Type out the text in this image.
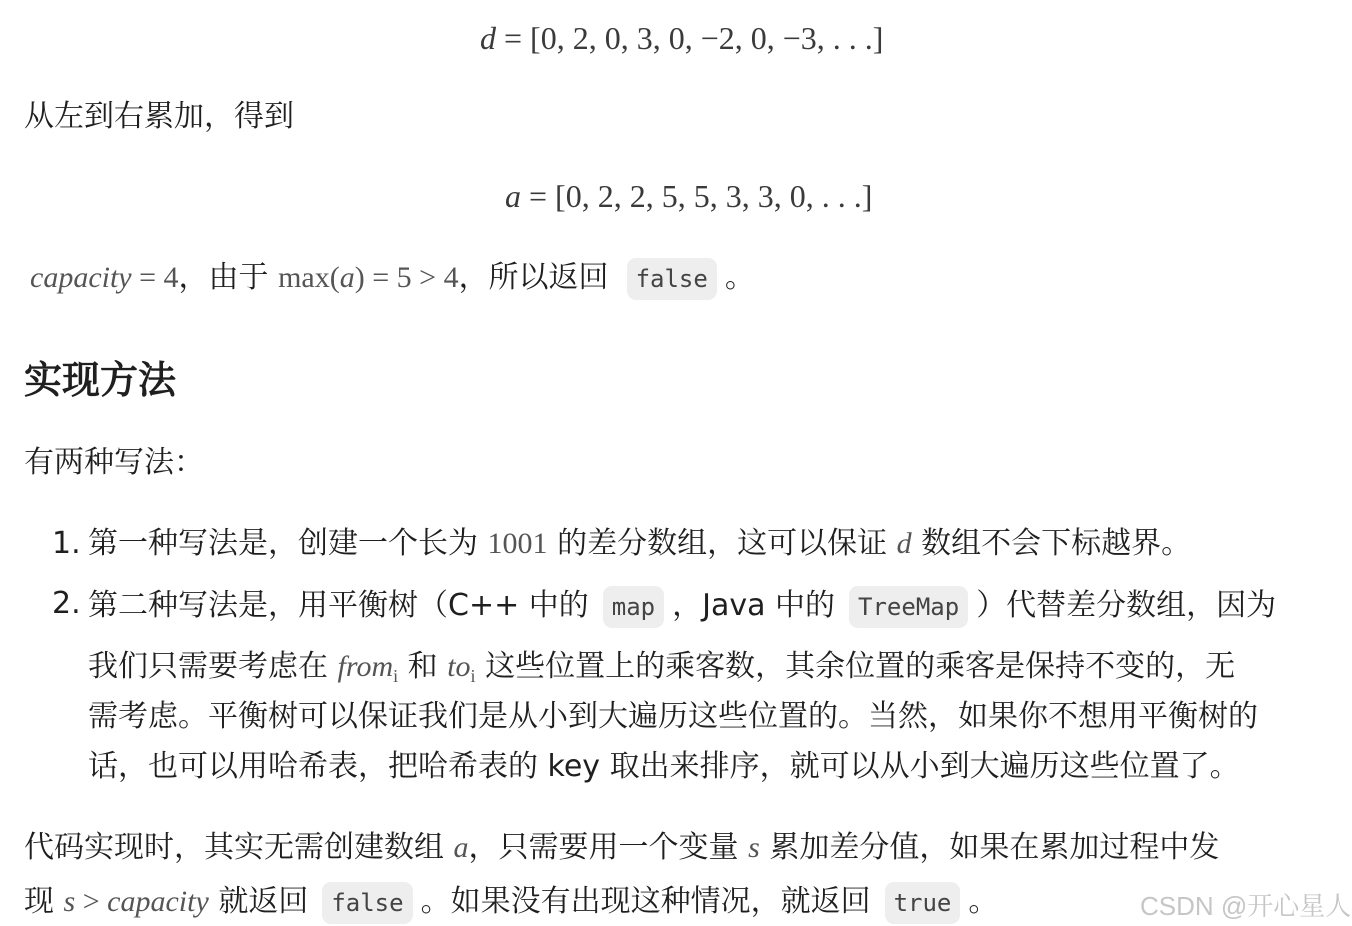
d = [0, 2, 0, 3, 0, −2, 0, −3, . . .]
从左到右累加，得到
a = [0, 2, 2, 5, 5, 3, 3, 0, . . .]
capacity = 4，由于 max(a) = 5 > 4，所以返回 false 。
实现方法
有两种写法：
1. 第一种写法是，创建一个长为 1001 的差分数组，这可以保证 d 数组不会下标越界。
2. 第二种写法是，用平衡树（C++ 中的 map ，Java 中的 TreeMap ）代替差分数组，因为
我们只需要考虑在 from$_i$ 和 $to_i$ 这些位置上的乘客数，其余位置的乘客是保持不变的，无
需考虑。平衡树可以保证我们是从小到大遍历这些位置的。当然，如果你不想用平衡树的
话，也可以用哈希表，把哈希表的 key 取出来排序，就可以从小到大遍历这些位置了。
代码实现时，其实无需创建数组 a，只需要用一个变量 s 累加差分值，如果在累加过程中发
现 s > capacity 就返回 false 。如果没有出现这种情况，就返回 true 。	CSDN @开心星人
